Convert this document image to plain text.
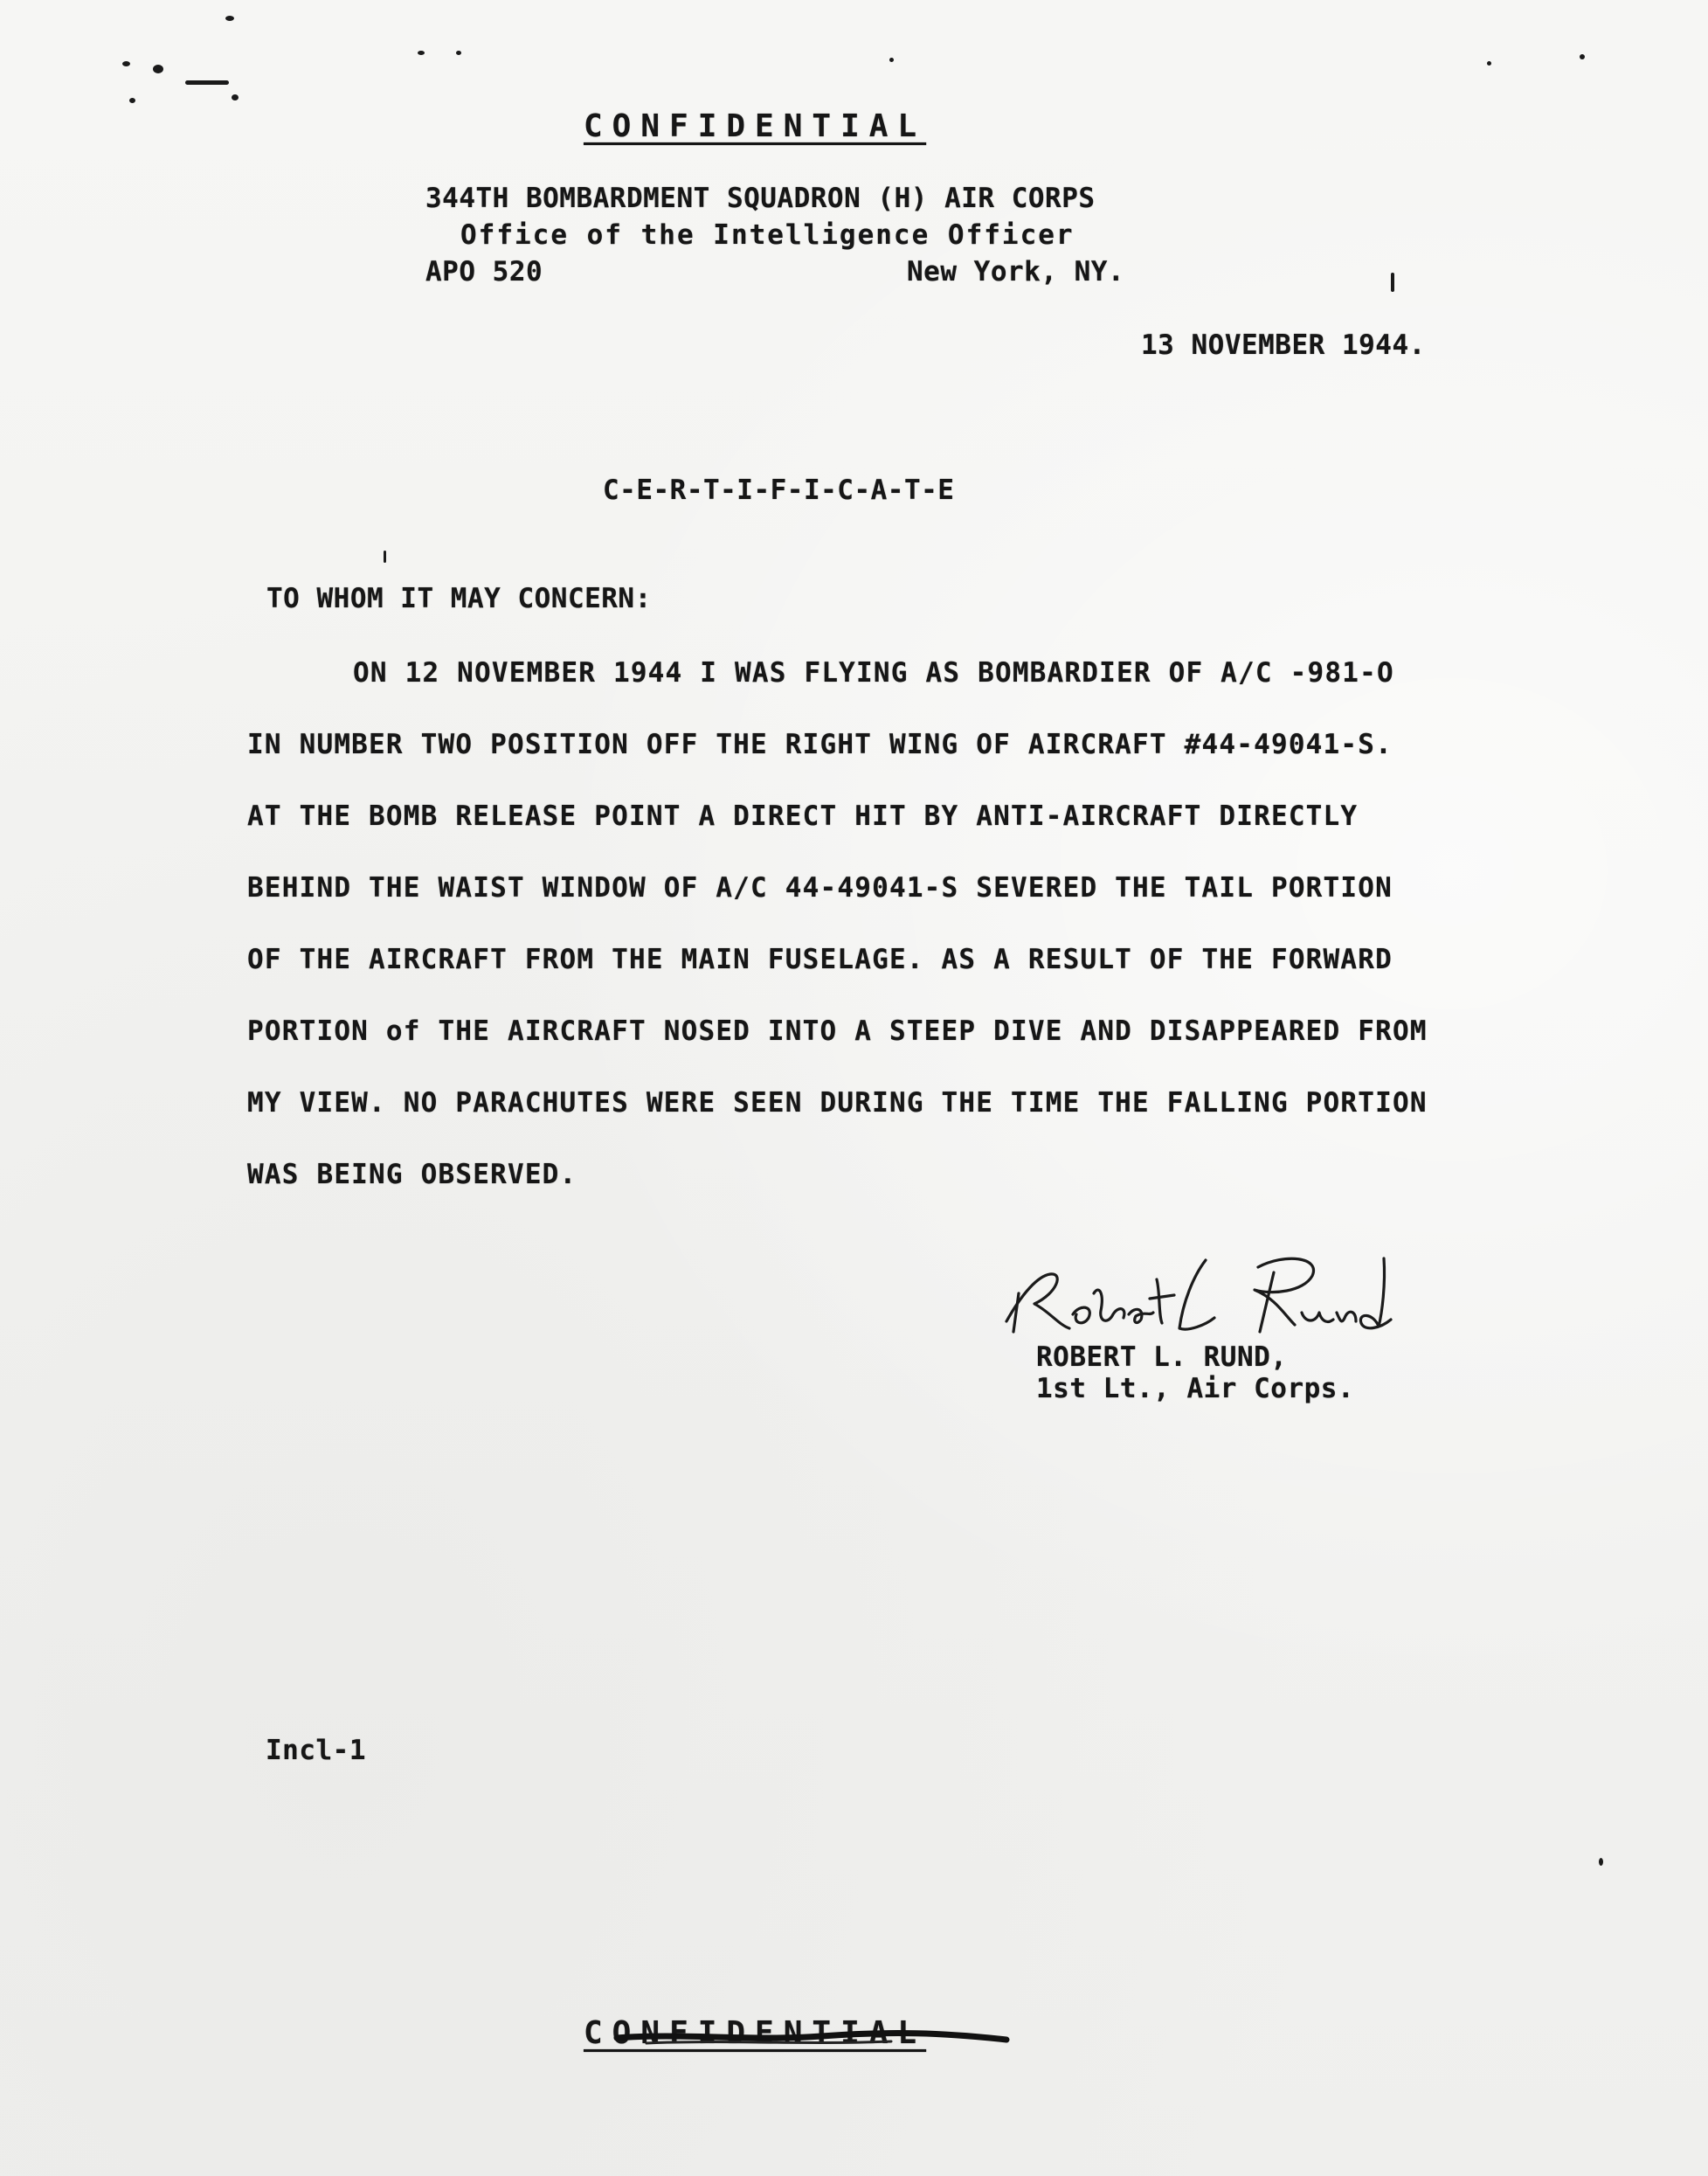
CONFIDENTIAL
344TH BOMBARDMENT SQUADRON (H) AIR CORPS
Office of the Intelligence Officer
APO 520	New York, NY.
13 NOVEMBER 1944.
C-E-R-T-I-F-I-C-A-T-E
TO WHOM IT MAY CONCERN:
ON 12 NOVEMBER 1944 I WAS FLYING AS BOMBARDIER OF A/C -981-O
IN NUMBER TWO POSITION OFF THE RIGHT WING OF AIRCRAFT #44-49041-S.
AT THE BOMB RELEASE POINT A DIRECT HIT BY ANTI-AIRCRAFT DIRECTLY
BEHIND THE WAIST WINDOW OF A/C 44-49041-S SEVERED THE TAIL PORTION
OF THE AIRCRAFT FROM THE MAIN FUSELAGE. AS A RESULT OF THE FORWARD
PORTION of THE AIRCRAFT NOSED INTO A STEEP DIVE AND DISAPPEARED FROM
MY VIEW. NO PARACHUTES WERE SEEN DURING THE TIME THE FALLING PORTION
WAS BEING OBSERVED.
ROBERT L. RUND,
1st Lt., Air Corps.
Incl-1
CONFIDENTIAL
